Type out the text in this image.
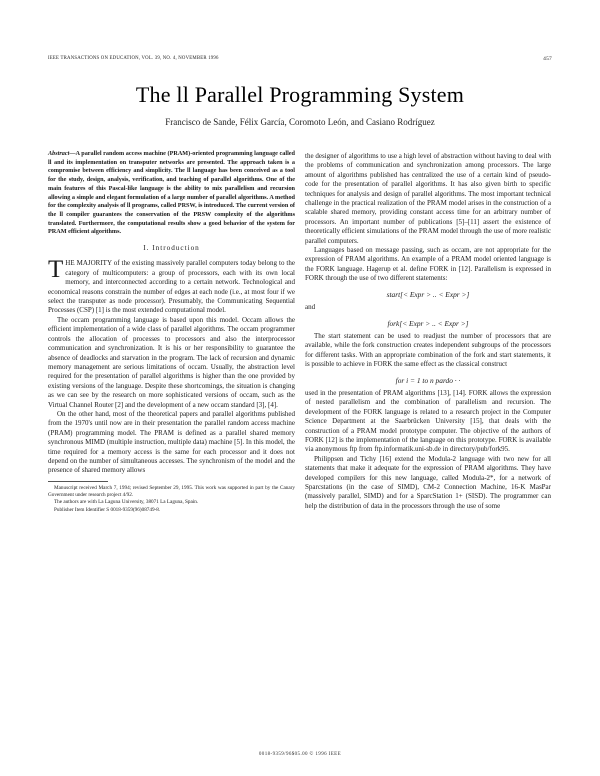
IEEE TRANSACTIONS ON EDUCATION, VOL. 39, NO. 4, NOVEMBER 1996	457
The ll Parallel Programming System
Francisco de Sande, Félix García, Coromoto León, and Casiano Rodríguez
Abstract—A parallel random access machine (PRAM)-oriented programming language called ll and its implementation on transputer networks are presented. The approach taken is a compromise between efficiency and simplicity. The ll language has been conceived as a tool for the study, design, analysis, verification, and teaching of parallel algorithms. One of the main features of this Pascal-like language is the ability to mix parallelism and recursion allowing a simple and elegant formulation of a large number of parallel algorithms. A method for the complexity analysis of ll programs, called PRSW, is introduced. The current version of the ll compiler guarantees the conservation of the PRSW complexity of the algorithms translated. Furthermore, the computational results show a good behavior of the system for PRAM efficient algorithms.
I. Introduction

THE MAJORITY of the existing massively parallel computers today belong to the category of multicomputers: a group of processors, each with its own local memory, and interconnected according to a certain network. Technological and economical reasons constrain the number of edges at each node (i.e., at most four if we select the transputer as node processor). Presumably, the Communicating Sequential Processes (CSP) [1] is the most extended computational model.

The occam programming language is based upon this model. Occam allows the efficient implementation of a wide class of parallel algorithms. The occam programmer controls the allocation of processes to processors and also the interprocessor communication and synchronization. It is his or her responsibility to guarantee the absence of deadlocks and starvation in the program. The lack of recursion and dynamic memory management are serious limitations of occam. Usually, the abstraction level required for the presentation of parallel algorithms is higher than the one provided by existing versions of the language. Despite these shortcomings, the situation is changing as we can see by the research on more sophisticated versions of occam, such as the Virtual Channel Router [2] and the development of a new occam standard [3], [4].

On the other hand, most of the theoretical papers and parallel algorithms published from the 1970's until now are in their presentation the parallel random access machine (PRAM) programming model. The PRAM is defined as a parallel shared memory synchronous MIMD (multiple instruction, multiple data) machine [5]. In this model, the time required for a memory access is the same for each processor and it does not depend on the number of simultaneous accesses. The synchronism of the model and the presence of shared memory allows

Manuscript received March 7, 1994; revised September 29, 1995. This work was supported in part by the Canary Government under research project 4/92.
The authors are with La Laguna University, 38071 La Laguna, Spain.
Publisher Item Identifier S 0018-9359(96)08749-8.

the designer of algorithms to use a high level of abstraction without having to deal with the problems of communication and synchronization among processors. The large amount of algorithms published has centralized the use of a certain kind of pseudo-code for the presentation of parallel algorithms. It has also given birth to specific techniques for analysis and design of parallel algorithms. The most important technical challenge in the practical realization of the PRAM model arises in the construction of a scalable shared memory, providing constant access time for an arbitrary number of processors. An important number of publications [5]–[11] assert the existence of theoretically efficient simulations of the PRAM model through the use of more realistic parallel computers.

Languages based on message passing, such as occam, are not appropriate for the expression of PRAM algorithms. An example of a PRAM model oriented language is the FORK language. Hagerup et al. define FORK in [12]. Parallelism is expressed in FORK through the use of two different statements:

start[< Expr > .. < Expr >]

and

fork[< Expr > .. < Expr >]

The start statement can be used to readjust the number of processors that are available, while the fork construction creates independent subgroups of the processors for different tasks. With an appropriate combination of the fork and start statements, it is possible to achieve in FORK the same effect as the classical construct

for i = 1 to n pardo · ·

used in the presentation of PRAM algorithms [13], [14]. FORK allows the expression of nested parallelism and the combination of parallelism and recursion. The development of the FORK language is related to a research project in the Computer Science Department at the Saarbrücken University [15], that deals with the construction of a PRAM model prototype computer. The objective of the authors of FORK [12] is the implementation of the language on this prototype. FORK is available via anonymous ftp from ftp.informatik.uni-sb.de in directory/pub/fork95.

Philippsen and Tichy [16] extend the Modula-2 language with two new for all statements that make it adequate for the expression of PRAM algorithms. They have developed compilers for this new language, called Modula-2*, for a network of Sparcstations (in the case of SIMD), CM-2 Connection Machine, 16-K MasPar (massively parallel, SIMD) and for a SparcStation 1+ (SISD). The programmer can help the distribution of data in the processors through the use of some

0018-9359/96$05.00 © 1996 IEEE
